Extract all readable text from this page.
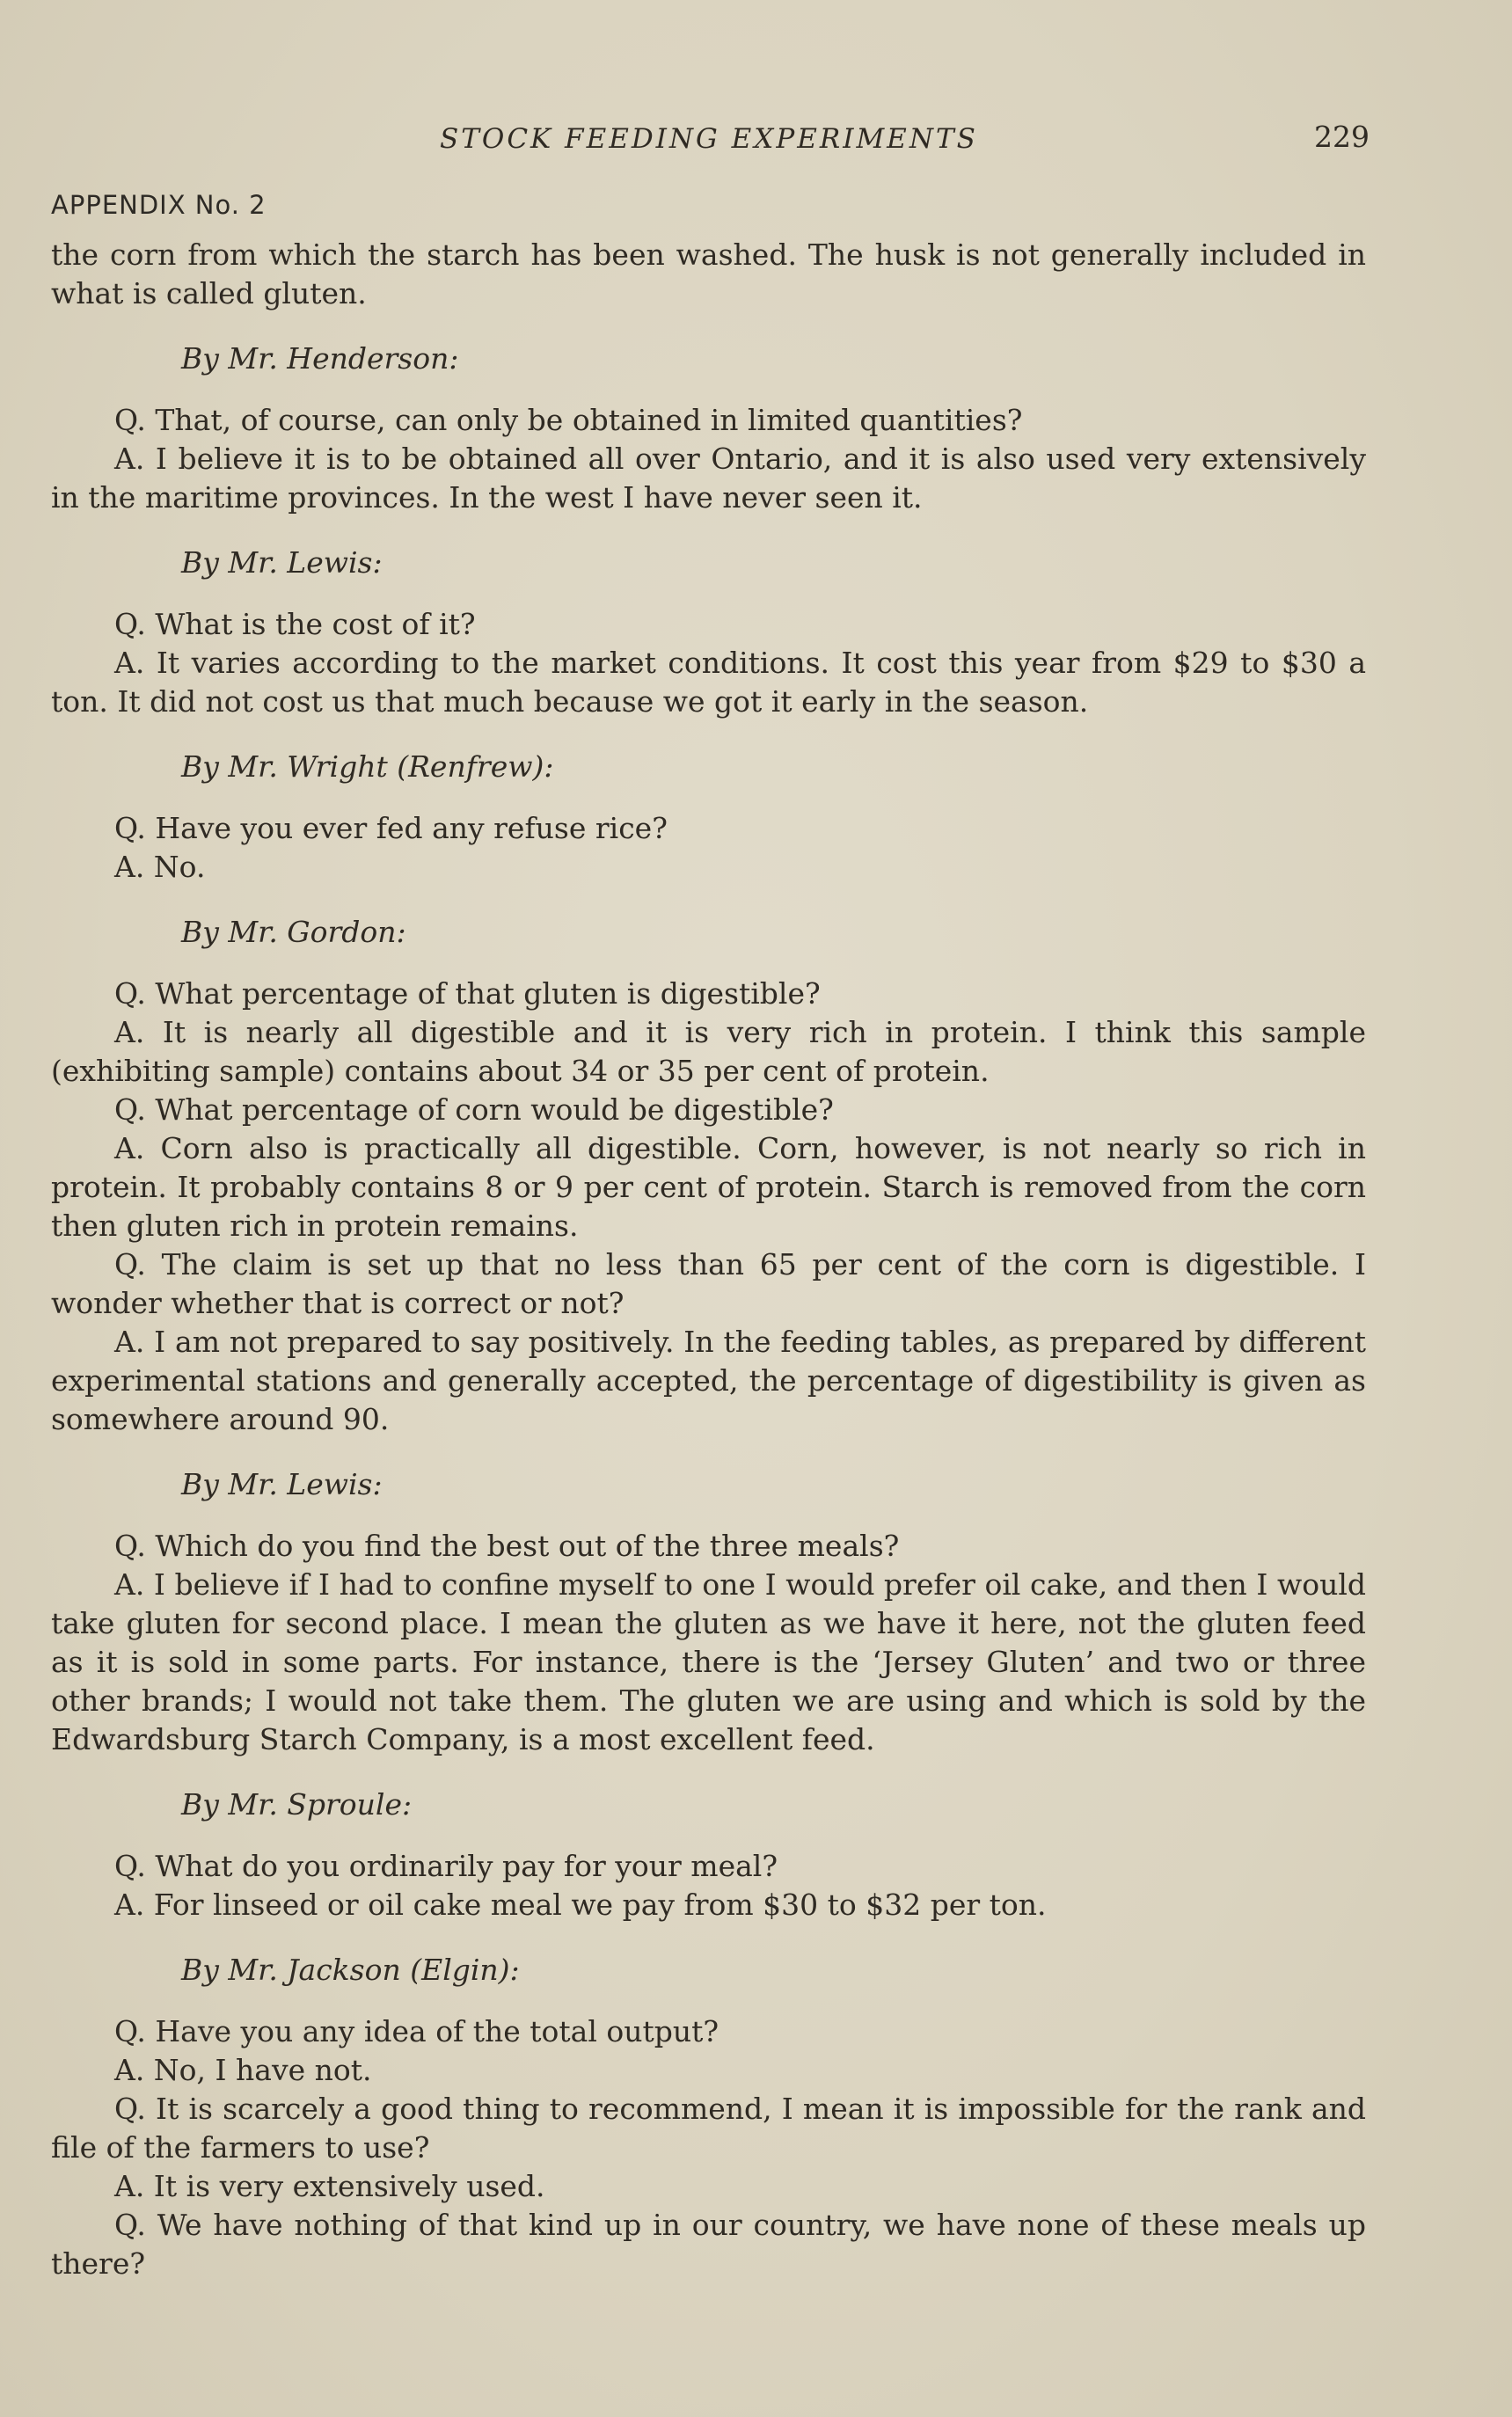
STOCK FEEDING EXPERIMENTS	229
APPENDIX No. 2

the corn from which the starch has been washed. The husk is not generally included in what is called gluten.

By Mr. Henderson:

Q. That, of course, can only be obtained in limited quantities?

A. I believe it is to be obtained all over Ontario, and it is also used very extensively in the maritime provinces. In the west I have never seen it.

By Mr. Lewis:

Q. What is the cost of it?

A. It varies according to the market conditions. It cost this year from $29 to $30 a ton. It did not cost us that much because we got it early in the season.

By Mr. Wright (Renfrew):

Q. Have you ever fed any refuse rice?

A. No.

By Mr. Gordon:

Q. What percentage of that gluten is digestible?

A. It is nearly all digestible and it is very rich in protein. I think this sample (exhibiting sample) contains about 34 or 35 per cent of protein.

Q. What percentage of corn would be digestible?

A. Corn also is practically all digestible. Corn, however, is not nearly so rich in protein. It probably contains 8 or 9 per cent of protein. Starch is removed from the corn then gluten rich in protein remains.

Q. The claim is set up that no less than 65 per cent of the corn is digestible. I wonder whether that is correct or not?

A. I am not prepared to say positively. In the feeding tables, as prepared by different experimental stations and generally accepted, the percentage of digestibility is given as somewhere around 90.

By Mr. Lewis:

Q. Which do you find the best out of the three meals?

A. I believe if I had to confine myself to one I would prefer oil cake, and then I would take gluten for second place. I mean the gluten as we have it here, not the gluten feed as it is sold in some parts. For instance, there is the ‘Jersey Gluten’ and two or three other brands; I would not take them. The gluten we are using and which is sold by the Edwardsburg Starch Company, is a most excellent feed.

By Mr. Sproule:

Q. What do you ordinarily pay for your meal?

A. For linseed or oil cake meal we pay from $30 to $32 per ton.

By Mr. Jackson (Elgin):

Q. Have you any idea of the total output?

A. No, I have not.

Q. It is scarcely a good thing to recommend, I mean it is impossible for the rank and file of the farmers to use?

A. It is very extensively used.

Q. We have nothing of that kind up in our country, we have none of these meals up there?
